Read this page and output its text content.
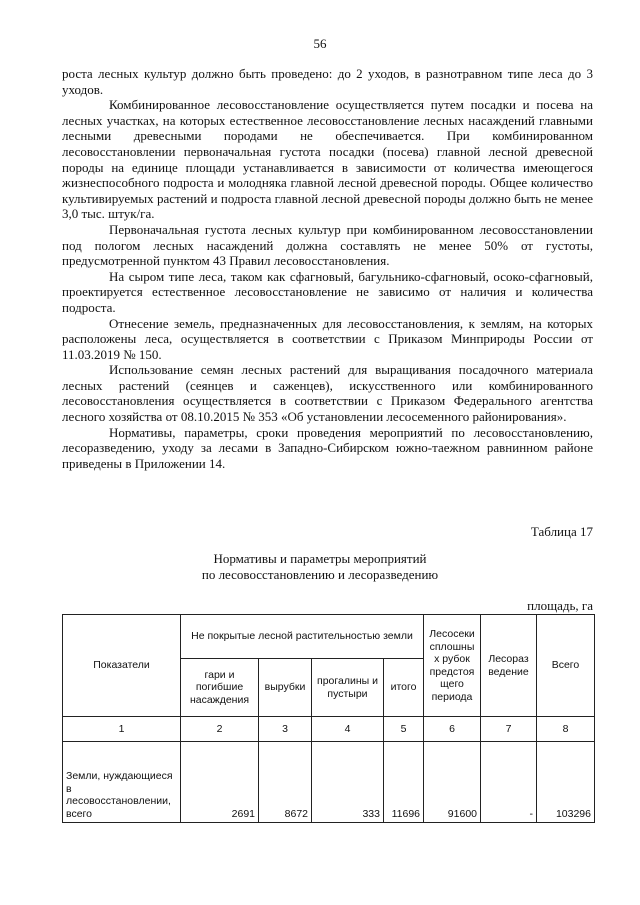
56

роста лесных культур должно быть проведено: до 2 уходов, в разнотравном типе леса до 3 уходов.

Комбинированное лесовосстановление осуществляется путем посадки и посева на лесных участках, на которых естественное лесовосстановление лесных насаждений главными лесными древесными породами не обеспечивается. При комбинированном лесовосстановлении первоначальная густота посадки (посева) главной лесной древесной породы на единице площади устанавливается в зависимости от количества имеющегося жизнеспособного подроста и молодняка главной лесной древесной породы. Общее количество культивируемых растений и подроста главной лесной древесной породы должно быть не менее 3,0 тыс. штук/га.

Первоначальная густота лесных культур при комбинированном лесовосстановлении под пологом лесных насаждений должна составлять не менее 50% от густоты, предусмотренной пунктом 43 Правил лесовосстановления.

На сыром типе леса, таком как сфагновый, багульнико-сфагновый, осоко-сфагновый, проектируется естественное лесовосстановление не зависимо от наличия и количества подроста.

Отнесение земель, предназначенных для лесовосстановления, к землям, на которых расположены леса, осуществляется в соответствии с Приказом Минприроды России от 11.03.2019 № 150.

Использование семян лесных растений для выращивания посадочного материала лесных растений (сеянцев и саженцев), искусственного или комбинированного лесовосстановления осуществляется в соответствии с Приказом Федерального агентства лесного хозяйства от 08.10.2015 № 353 «Об установлении лесосеменного районирования».

Нормативы, параметры, сроки проведения мероприятий по лесовосстановлению, лесоразведению, уходу за лесами в Западно-Сибирском южно-таежном равнинном районе приведены в Приложении 14.

Таблица 17
Нормативы и параметры мероприятий
по лесовосстановлению и лесоразведению
площадь, га
Показатели	Не покрытые лесной растительностью земли				Лесосеки сплошны х рубок предстоя щего периода	Лесораз ведение	Всего
	гари и погибшие насаждения	вырубки	прогалины и пустыри	итого			
1	2	3	4	5	6	7	8
Земли, нуждающиеся в лесовосстановлении, всего	2691	8672	333	11696	91600	-	103296
